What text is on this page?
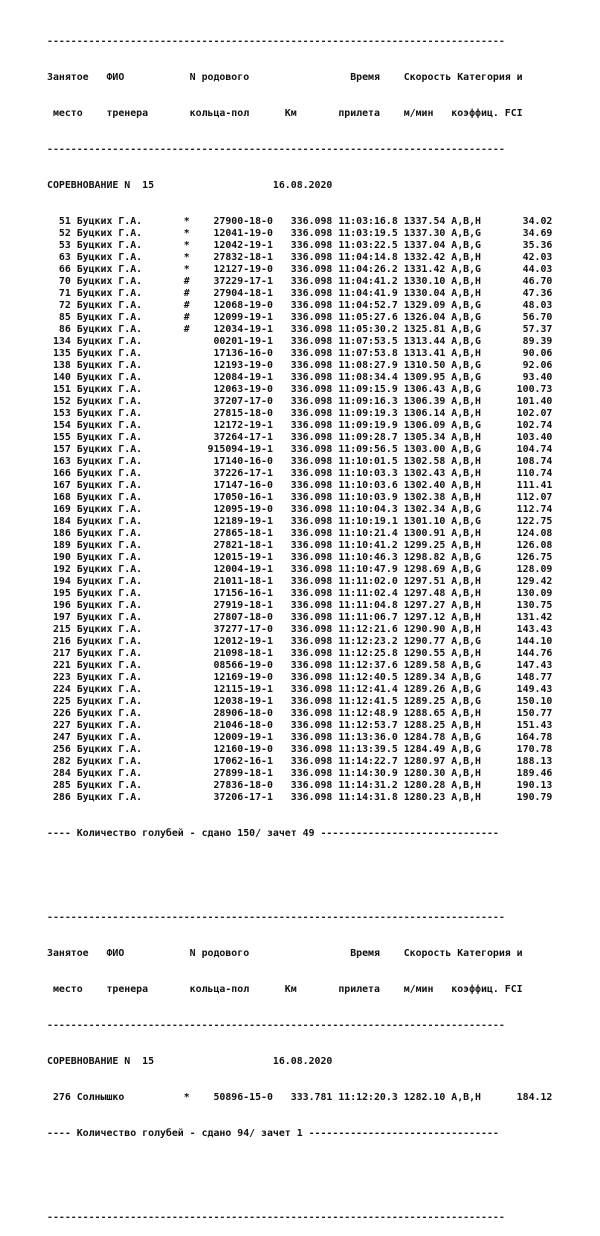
-----------------------------------------------------------------------------

Занятое   ФИО           N родового                 Время    Скорость Категория и

место    тренера       кольца-пол      Км       прилета    м/мин   коэффиц. FCI

-----------------------------------------------------------------------------

СОРЕВНОВАНИЕ N  15                    16.08.2020

51 Буцких Г.А.       *    27900-18-0   336.098 11:03:16.8 1337.54 A,B,H       34.02
52 Буцких Г.А.       *    12041-19-0   336.098 11:03:19.5 1337.30 A,B,G       34.69
53 Буцких Г.А.       *    12042-19-1   336.098 11:03:22.5 1337.04 A,B,G       35.36
63 Буцких Г.А.       *    27832-18-1   336.098 11:04:14.8 1332.42 A,B,H       42.03
66 Буцких Г.А.       *    12127-19-0   336.098 11:04:26.2 1331.42 A,B,G       44.03
70 Буцких Г.А.       #    37229-17-1   336.098 11:04:41.2 1330.10 A,B,H       46.70
71 Буцких Г.А.       #    27904-18-1   336.098 11:04:41.9 1330.04 A,B,H       47.36
72 Буцких Г.А.       #    12068-19-0   336.098 11:04:52.7 1329.09 A,B,G       48.03
85 Буцких Г.А.       #    12099-19-1   336.098 11:05:27.6 1326.04 A,B,G       56.70
86 Буцких Г.А.       #    12034-19-1   336.098 11:05:30.2 1325.81 A,B,G       57.37
134 Буцких Г.А.            00201-19-1   336.098 11:07:53.5 1313.44 A,B,G       89.39
135 Буцких Г.А.            17136-16-0   336.098 11:07:53.8 1313.41 A,B,H       90.06
138 Буцких Г.А.            12193-19-0   336.098 11:08:27.9 1310.50 A,B,G       92.06
140 Буцких Г.А.            12084-19-1   336.098 11:08:34.4 1309.95 A,B,G       93.40
151 Буцких Г.А.            12063-19-0   336.098 11:09:15.9 1306.43 A,B,G      100.73
152 Буцких Г.А.            37207-17-0   336.098 11:09:16.3 1306.39 A,B,H      101.40
153 Буцких Г.А.            27815-18-0   336.098 11:09:19.3 1306.14 A,B,H      102.07
154 Буцких Г.А.            12172-19-1   336.098 11:09:19.9 1306.09 A,B,G      102.74
155 Буцких Г.А.            37264-17-1   336.098 11:09:28.7 1305.34 A,B,H      103.40
157 Буцких Г.А.           915094-19-1   336.098 11:09:56.5 1303.00 A,B,G      104.74
163 Буцких Г.А.            17140-16-0   336.098 11:10:01.5 1302.58 A,B,H      108.74
166 Буцких Г.А.            37226-17-1   336.098 11:10:03.3 1302.43 A,B,H      110.74
167 Буцких Г.А.            17147-16-0   336.098 11:10:03.6 1302.40 A,B,H      111.41
168 Буцких Г.А.            17050-16-1   336.098 11:10:03.9 1302.38 A,B,H      112.07
169 Буцких Г.А.            12095-19-0   336.098 11:10:04.3 1302.34 A,B,G      112.74
184 Буцких Г.А.            12189-19-1   336.098 11:10:19.1 1301.10 A,B,G      122.75
186 Буцких Г.А.            27865-18-1   336.098 11:10:21.4 1300.91 A,B,H      124.08
189 Буцких Г.А.            27821-18-1   336.098 11:10:41.2 1299.25 A,B,H      126.08
190 Буцких Г.А.            12015-19-1   336.098 11:10:46.3 1298.82 A,B,G      126.75
192 Буцких Г.А.            12004-19-1   336.098 11:10:47.9 1298.69 A,B,G      128.09
194 Буцких Г.А.            21011-18-1   336.098 11:11:02.0 1297.51 A,B,H      129.42
195 Буцких Г.А.            17156-16-1   336.098 11:11:02.4 1297.48 A,B,H      130.09
196 Буцких Г.А.            27919-18-1   336.098 11:11:04.8 1297.27 A,B,H      130.75
197 Буцких Г.А.            27807-18-0   336.098 11:11:06.7 1297.12 A,B,H      131.42
215 Буцких Г.А.            37277-17-0   336.098 11:12:21.6 1290.90 A,B,H      143.43
216 Буцких Г.А.            12012-19-1   336.098 11:12:23.2 1290.77 A,B,G      144.10
217 Буцких Г.А.            21098-18-1   336.098 11:12:25.8 1290.55 A,B,H      144.76
221 Буцких Г.А.            08566-19-0   336.098 11:12:37.6 1289.58 A,B,G      147.43
223 Буцких Г.А.            12169-19-0   336.098 11:12:40.5 1289.34 A,B,G      148.77
224 Буцких Г.А.            12115-19-1   336.098 11:12:41.4 1289.26 A,B,G      149.43
225 Буцких Г.А.            12038-19-1   336.098 11:12:41.5 1289.25 A,B,G      150.10
226 Буцких Г.А.            28906-18-0   336.098 11:12:48.9 1288.65 A,B,H      150.77
227 Буцких Г.А.            21046-18-0   336.098 11:12:53.7 1288.25 A,B,H      151.43
247 Буцких Г.А.            12009-19-1   336.098 11:13:36.0 1284.78 A,B,G      164.78
256 Буцких Г.А.            12160-19-0   336.098 11:13:39.5 1284.49 A,B,G      170.78
282 Буцких Г.А.            17062-16-1   336.098 11:14:22.7 1280.97 A,B,H      188.13
284 Буцких Г.А.            27899-18-1   336.098 11:14:30.9 1280.30 A,B,H      189.46
285 Буцких Г.А.            27836-18-0   336.098 11:14:31.2 1280.28 A,B,H      190.13
286 Буцких Г.А.            37206-17-1   336.098 11:14:31.8 1280.23 A,B,H      190.79

---- Количество голубей - сдано 150/ зачет 49 ------------------------------

-----------------------------------------------------------------------------

Занятое   ФИО           N родового                 Время    Скорость Категория и

место    тренера       кольца-пол      Км       прилета    м/мин   коэффиц. FCI

-----------------------------------------------------------------------------

СОРЕВНОВАНИЕ N  15                    16.08.2020

276 Солнышко          *    50896-15-0   333.781 11:12:20.3 1282.10 A,B,H      184.12

---- Количество голубей - сдано 94/ зачет 1 --------------------------------

-----------------------------------------------------------------------------
